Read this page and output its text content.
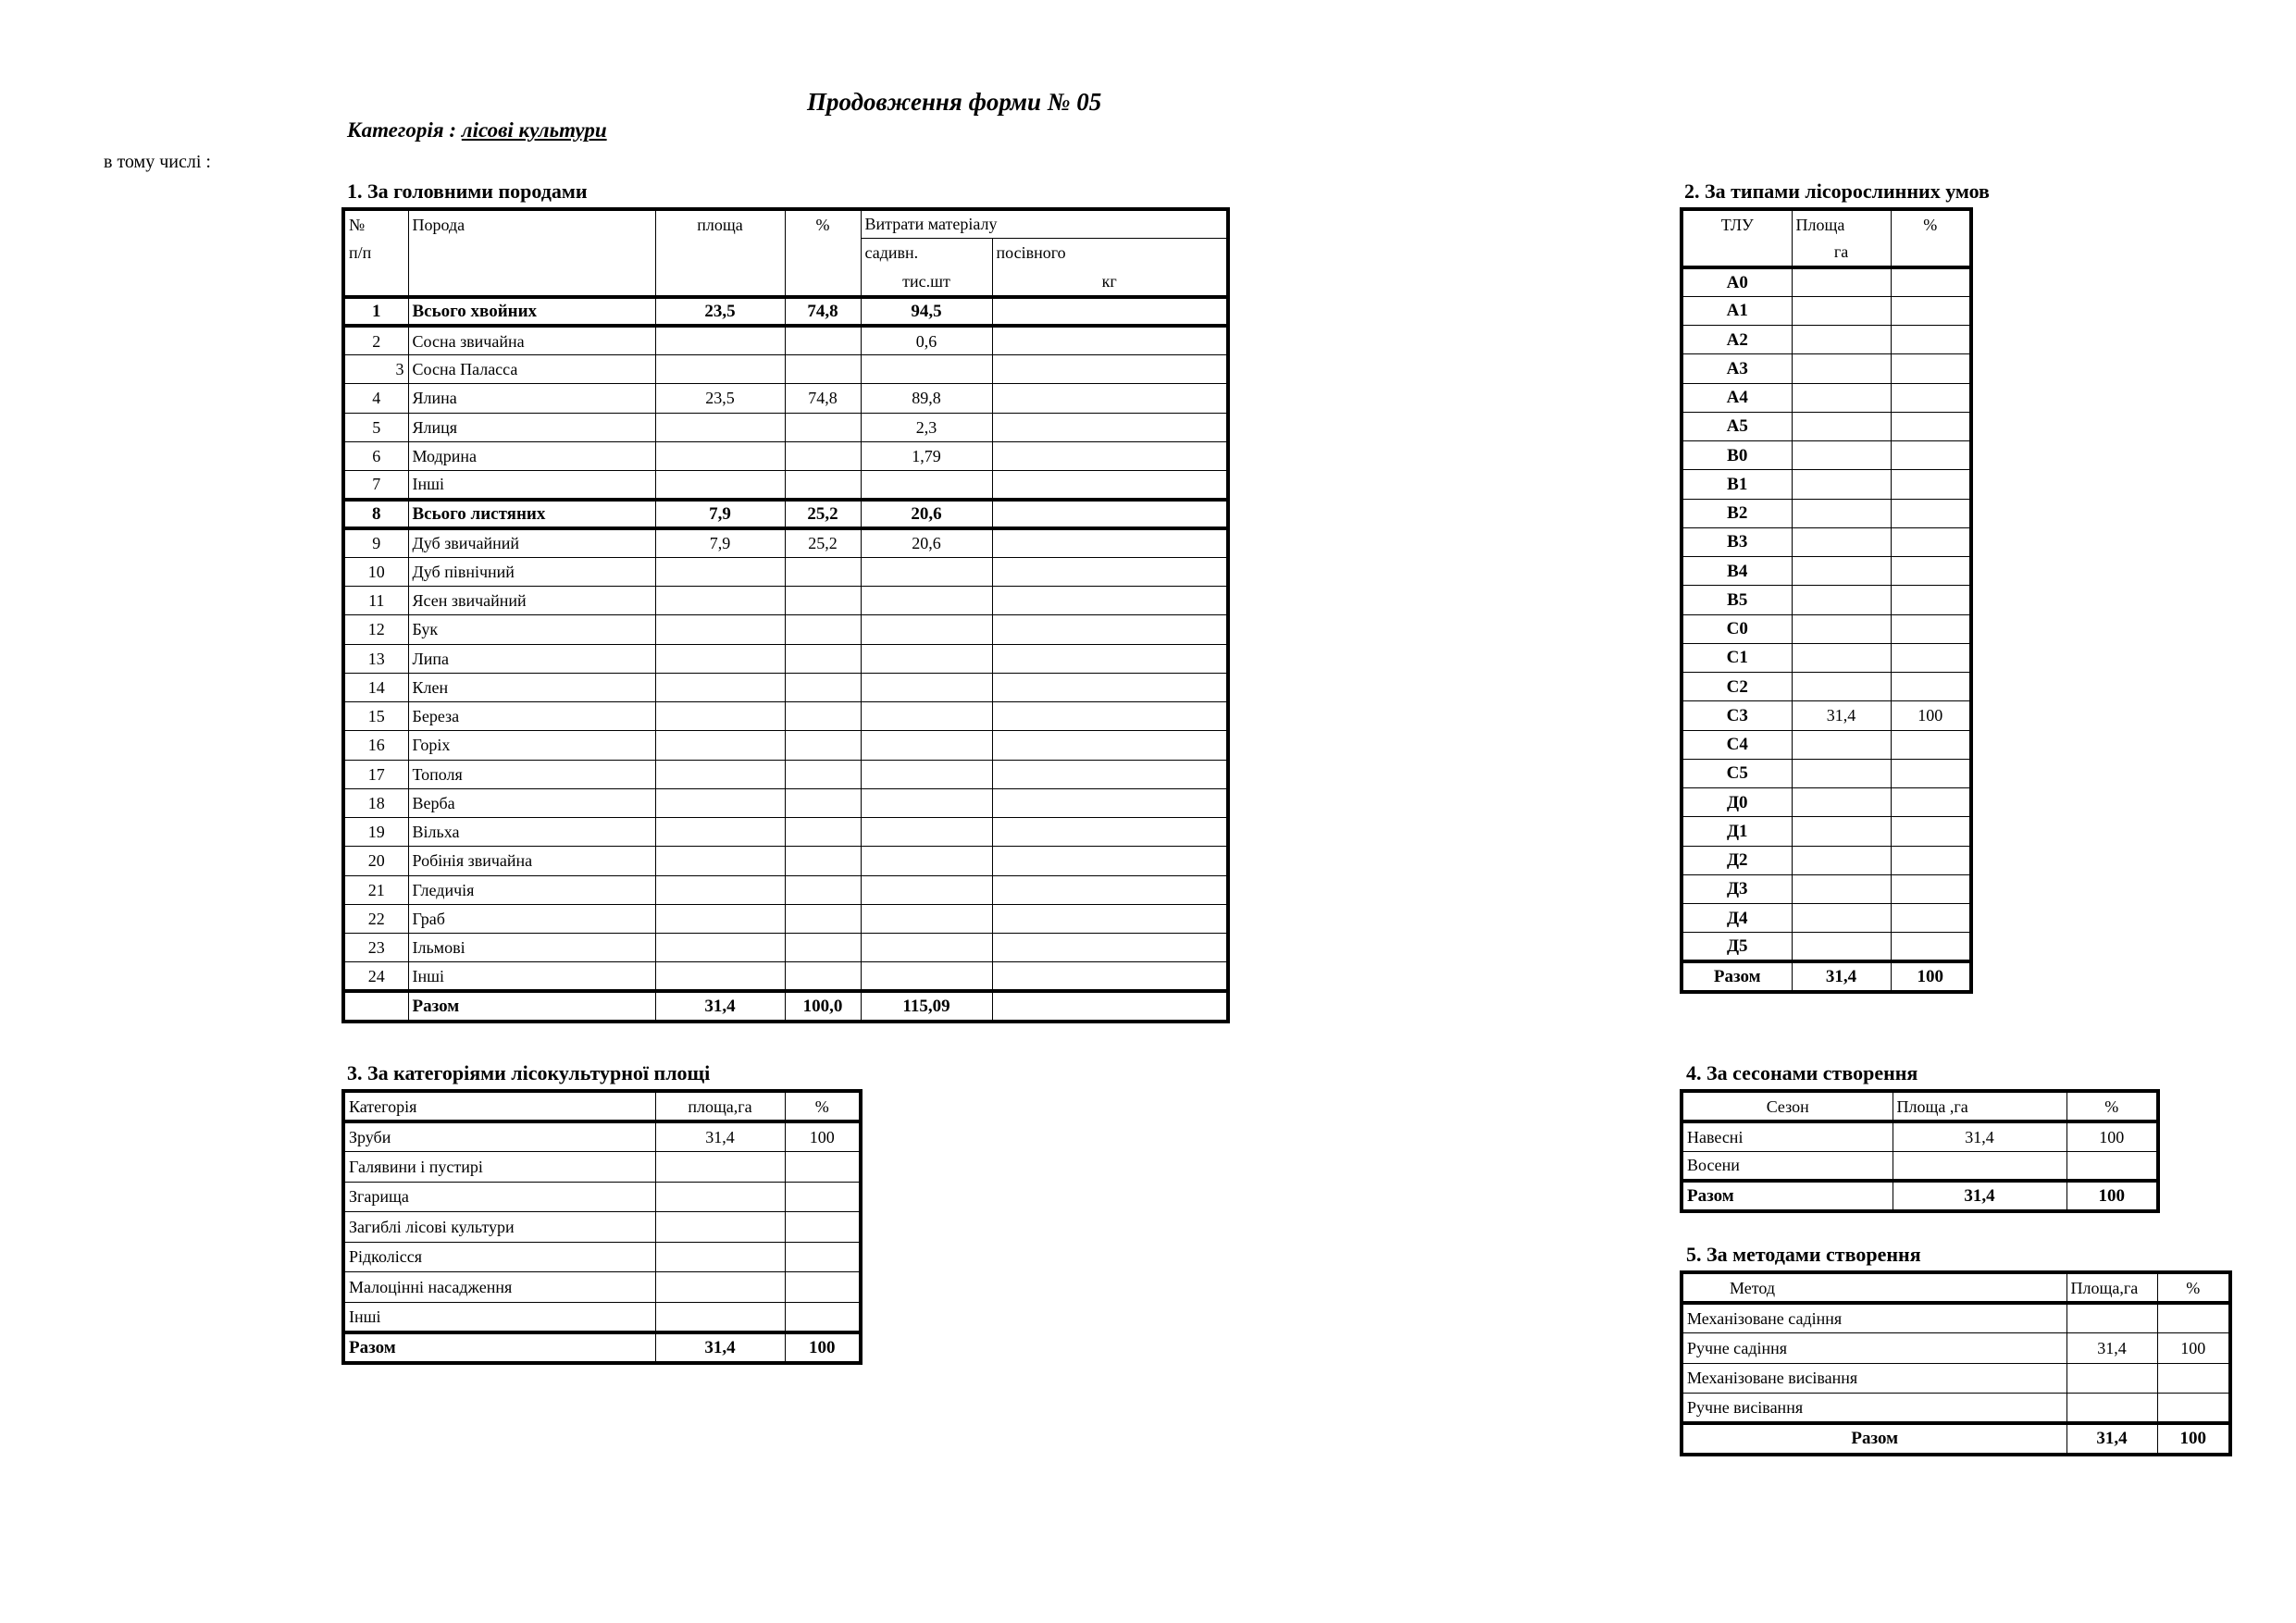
Продовження форми № 05
Категорія : лісові культури
в тому числі :
1. За головними породами
№	Порода	площа	%	Витрати матеріалу	
п/п				садивн.	посівного
				тис.шт	кг
1	Всього хвойних	23,5	74,8	94,5	
2	Сосна звичайна			0,6	
3	Сосна Паласса				
4	Ялина	23,5	74,8	89,8	
5	Ялиця			2,3	
6	Модрина			1,79	
7	Інші				
8	Всього листяних	7,9	25,2	20,6	
9	Дуб звичайний	7,9	25,2	20,6	
10	Дуб північний				
11	Ясен звичайний				
12	Бук				
13	Липа				
14	Клен				
15	Береза				
16	Горіх				
17	Тополя				
18	Верба				
19	Вільха				
20	Робінія звичайна				
21	Гледичія				
22	Граб				
23	Ільмові				
24	Інші				
	Разом	31,4	100,0	115,09	
2. За типами лісорослинних умов
ТЛУ	Площа	%
	га	
А0		
А1		
А2		
А3		
А4		
А5		
В0		
В1		
В2		
В3		
В4		
В5		
С0		
С1		
С2		
С3	31,4	100
С4		
С5		
Д0		
Д1		
Д2		
Д3		
Д4		
Д5		
Разом	31,4	100
3. За категоріями лісокультурної площі
Категорія	площа,га	%
Зруби	31,4	100
Галявини і пустирі		
Згарища		
Загиблі лісові культури		
Рідколісся		
Малоцінні насадження		
Інші		
Разом	31,4	100
4. За сесонами створення
Сезон	Площа ,га	%
Навесні	31,4	100
Восени		
Разом	31,4	100
5. За методами створення
Метод	Площа,га	%
Механізоване садіння		
Ручне садіння	31,4	100
Механізоване висівання		
Ручне висівання		
Разом	31,4	100
